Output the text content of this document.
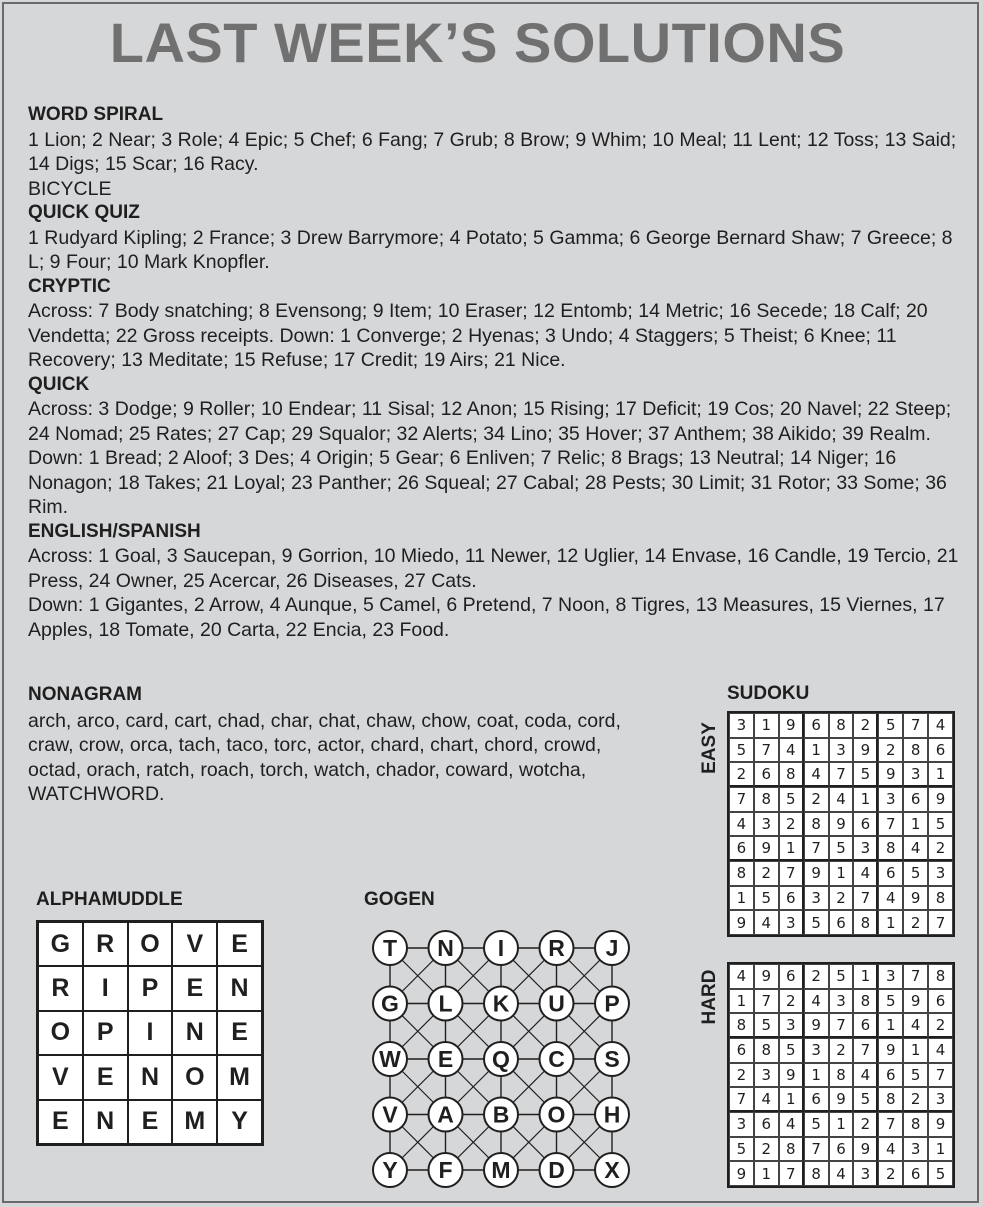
LAST WEEK’S SOLUTIONS
WORD SPIRAL

1 Lion; 2 Near; 3 Role; 4 Epic; 5 Chef; 6 Fang; 7 Grub; 8 Brow; 9 Whim; 10 Meal; 11 Lent; 12 Toss; 13 Said; 14 Digs; 15 Scar; 16 Racy.

BICYCLE

QUICK QUIZ

1 Rudyard Kipling; 2 France; 3 Drew Barrymore; 4 Potato; 5 Gamma; 6 George Bernard Shaw; 7 Greece; 8 L; 9 Four; 10 Mark Knopfler.

CRYPTIC

Across: 7 Body snatching; 8 Evensong; 9 Item; 10 Eraser; 12 Entomb; 14 Metric; 16 Secede; 18 Calf; 20 Vendetta; 22 Gross receipts. Down: 1 Converge; 2 Hyenas; 3 Undo; 4 Staggers; 5 Theist; 6 Knee; 11 Recovery; 13 Meditate; 15 Refuse; 17 Credit; 19 Airs; 21 Nice.

QUICK

Across: 3 Dodge; 9 Roller; 10 Endear; 11 Sisal; 12 Anon; 15 Rising; 17 Deficit; 19 Cos; 20 Navel; 22 Steep; 24 Nomad; 25 Rates; 27 Cap; 29 Squalor; 32 Alerts; 34 Lino; 35 Hover; 37 Anthem; 38 Aikido; 39 Realm. Down: 1 Bread; 2 Aloof; 3 Des; 4 Origin; 5 Gear; 6 Enliven; 7 Relic; 8 Brags; 13 Neutral; 14 Niger; 16 Nonagon; 18 Takes; 21 Loyal; 23 Panther; 26 Squeal; 27 Cabal; 28 Pests; 30 Limit; 31 Rotor; 33 Some; 36 Rim.

ENGLISH/SPANISH

Across: 1 Goal, 3 Saucepan, 9 Gorrion, 10 Miedo, 11 Newer, 12 Uglier, 14 Envase, 16 Candle, 19 Tercio, 21 Press, 24 Owner, 25 Acercar, 26 Diseases, 27 Cats.

Down: 1 Gigantes, 2 Arrow, 4 Aunque, 5 Camel, 6 Pretend, 7 Noon, 8 Tigres, 13 Measures, 15 Viernes, 17 Apples, 18 Tomate, 20 Carta, 22 Encia, 23 Food.

NONAGRAM
arch, arco, card, cart, chad, char, chat, chaw, chow, coat, coda, cord, craw, crow, orca, tach, taco, torc, actor, chard, chart, chord, crowd, octad, orach, ratch, roach, torch, watch, chador, coward, wotcha, WATCHWORD.
SUDOKU
EASY	3	1 9	6	8 2	5	7	4
5	7 4	1	3 9	2	8	6
2	6 8	4	7 5	9	3	1
7	8 5	2	4 1	3	6	9
4	3 2	8	9 6	7	1	5
6	9 1	7	5 3	8	4	2
8	2 7	9	1 4	6	5	3
1	5 6	3	2 7	4	9	8
9	4 3	5	6 8	1	2	7
HARD	4	9 6	2	5 1	3	7	8
1	7 2	4	3 8	5	9	6
8	5 3	9	7 6	1	4	2
6	8 5	3	2 7	9	1	4
2	3 9	1	8 4	6	5	7
7	4 1	6	9 5	8	2	3
3	6 4	5	1 2	7	8	9
5	2 8	7	6 9	4	3	1
9	1 7	8	4 3	2	6	5
ALPHAMUDDLE
G	R	O	V	E
R	I	P	E	N
O	P	I	N	E
V	E	N	O M
E	N	E	M	Y
GOGEN
T N I R J
G L K U P
W E Q C S
V A B O H
Y F M D X
